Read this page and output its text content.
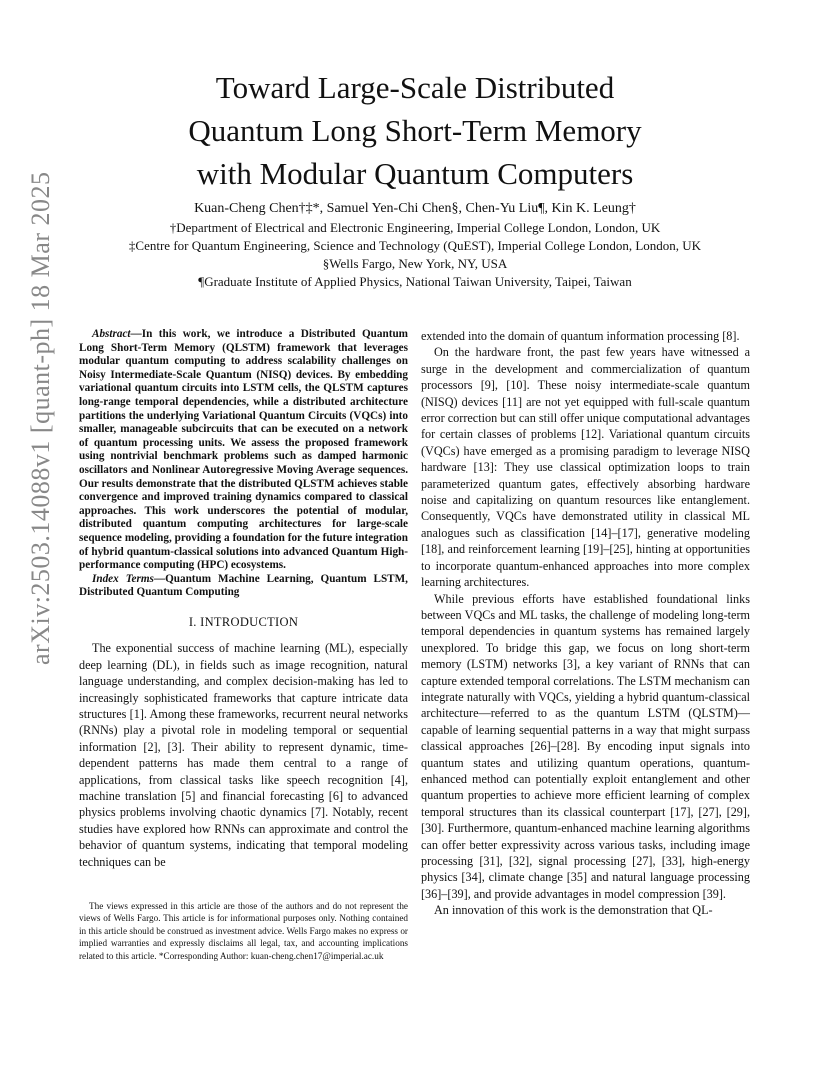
arXiv:2503.14088v1 [quant-ph] 18 Mar 2025
Toward Large-Scale Distributed
Quantum Long Short-Term Memory
with Modular Quantum Computers
Kuan-Cheng Chen†‡*, Samuel Yen-Chi Chen§, Chen-Yu Liu¶, Kin K. Leung†
†Department of Electrical and Electronic Engineering, Imperial College London, London, UK
‡Centre for Quantum Engineering, Science and Technology (QuEST), Imperial College London, London, UK
§Wells Fargo, New York, NY, USA
¶Graduate Institute of Applied Physics, National Taiwan University, Taipei, Taiwan

Abstract—In this work, we introduce a Distributed Quantum Long Short-Term Memory (QLSTM) framework that leverages modular quantum computing to address scalability challenges on Noisy Intermediate-Scale Quantum (NISQ) devices. By embedding variational quantum circuits into LSTM cells, the QLSTM captures long-range temporal dependencies, while a distributed architecture partitions the underlying Variational Quantum Circuits (VQCs) into smaller, manageable subcircuits that can be executed on a network of quantum processing units. We assess the proposed framework using nontrivial benchmark problems such as damped harmonic oscillators and Nonlinear Autoregressive Moving Average sequences. Our results demonstrate that the distributed QLSTM achieves stable convergence and improved training dynamics compared to classical approaches. This work underscores the potential of modular, distributed quantum computing architectures for large-scale sequence modeling, providing a foundation for the future integration of hybrid quantum-classical solutions into advanced Quantum High-performance computing (HPC) ecosystems.

Index Terms—Quantum Machine Learning, Quantum LSTM, Distributed Quantum Computing

I. INTRODUCTION

The exponential success of machine learning (ML), especially deep learning (DL), in fields such as image recognition, natural language understanding, and complex decision-making has led to increasingly sophisticated frameworks that capture intricate data structures [1]. Among these frameworks, recurrent neural networks (RNNs) play a pivotal role in modeling temporal or sequential information [2], [3]. Their ability to represent dynamic, time-dependent patterns has made them central to a range of applications, from classical tasks like speech recognition [4], machine translation [5] and financial forecasting [6] to advanced physics problems involving chaotic dynamics [7]. Notably, recent studies have explored how RNNs can approximate and control the behavior of quantum systems, indicating that temporal modeling techniques can be

The views expressed in this article are those of the authors and do not represent the views of Wells Fargo. This article is for informational purposes only. Nothing contained in this article should be construed as investment advice. Wells Fargo makes no express or implied warranties and expressly disclaims all legal, tax, and accounting implications related to this article. *Corresponding Author: kuan-cheng.chen17@imperial.ac.uk

extended into the domain of quantum information processing [8].

On the hardware front, the past few years have witnessed a surge in the development and commercialization of quantum processors [9], [10]. These noisy intermediate-scale quantum (NISQ) devices [11] are not yet equipped with full-scale quantum error correction but can still offer unique computational advantages for certain classes of problems [12]. Variational quantum circuits (VQCs) have emerged as a promising paradigm to leverage NISQ hardware [13]: They use classical optimization loops to train parameterized quantum gates, effectively absorbing hardware noise and capitalizing on quantum resources like entanglement. Consequently, VQCs have demonstrated utility in classical ML analogues such as classification [14]–[17], generative modeling [18], and reinforcement learning [19]–[25], hinting at opportunities to incorporate quantum-enhanced approaches into more complex learning architectures.

While previous efforts have established foundational links between VQCs and ML tasks, the challenge of modeling long-term temporal dependencies in quantum systems has remained largely unexplored. To bridge this gap, we focus on long short-term memory (LSTM) networks [3], a key variant of RNNs that can capture extended temporal correlations. The LSTM mechanism can integrate naturally with VQCs, yielding a hybrid quantum-classical architecture—referred to as the quantum LSTM (QLSTM)—capable of learning sequential patterns in a way that might surpass classical approaches [26]–[28]. By encoding input signals into quantum states and utilizing quantum operations, quantum-enhanced method can potentially exploit entanglement and other quantum properties to achieve more efficient learning of complex temporal structures than its classical counterpart [17], [27], [29], [30]. Furthermore, quantum-enhanced machine learning algorithms can offer better expressivity across various tasks, including image processing [31], [32], signal processing [27], [33], high-energy physics [34], climate change [35] and natural language processing [36]–[39], and provide advantages in model compression [39].

An innovation of this work is the demonstration that QL-
